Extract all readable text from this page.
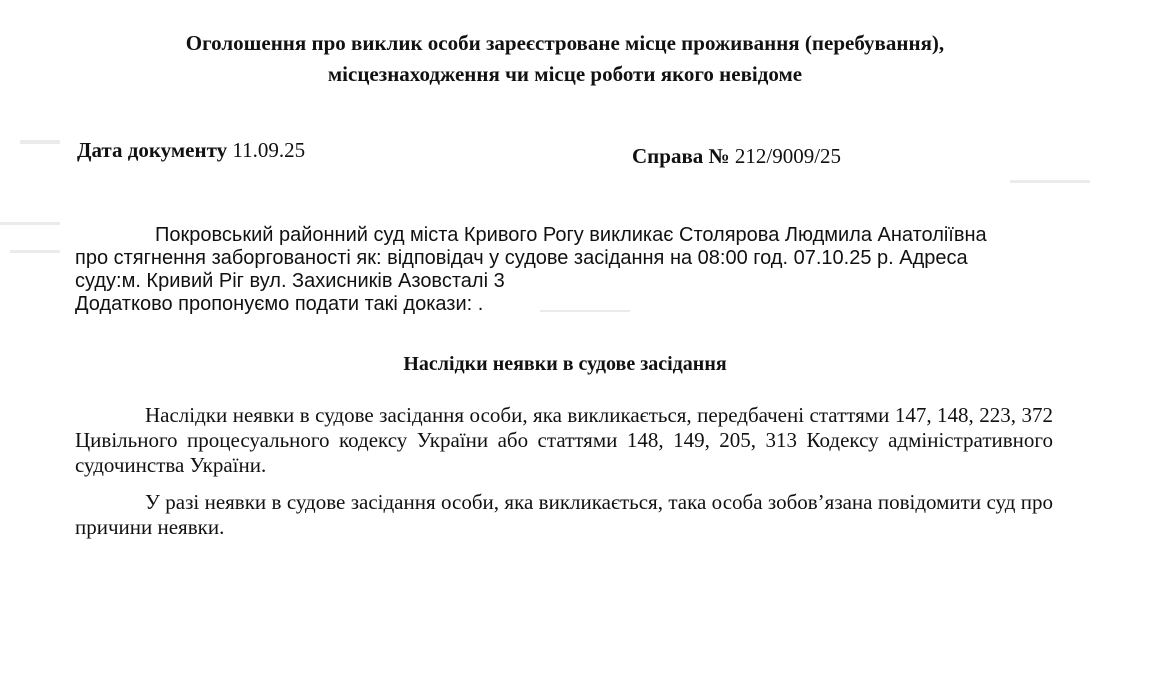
Оголошення про виклик особи зареєстроване місце проживання (перебування),
місцезнаходження чи місце роботи якого невідоме
Дата документу 11.09.25	Справа № 212/9009/25
Покровський районний суд міста Кривого Рогу викликає Столярова Людмила Анатоліївна
про стягнення заборгованості як: відповідач у судове засідання на 08:00 год. 07.10.25 р. Адреса
суду:м. Кривий Ріг вул. Захисників Азовсталі 3
Додатково пропонуємо подати такі докази: .
Наслідки неявки в судове засідання
Наслідки неявки в судове засідання особи, яка викликається, передбачені статтями 147, 148, 223, 372 Цивільного процесуального кодексу України або статтями 148, 149, 205, 313 Кодексу адміністративного судочинства України.
У разі неявки в судове засідання особи, яка викликається, така особа зобов’язана повідомити суд про причини неявки.
